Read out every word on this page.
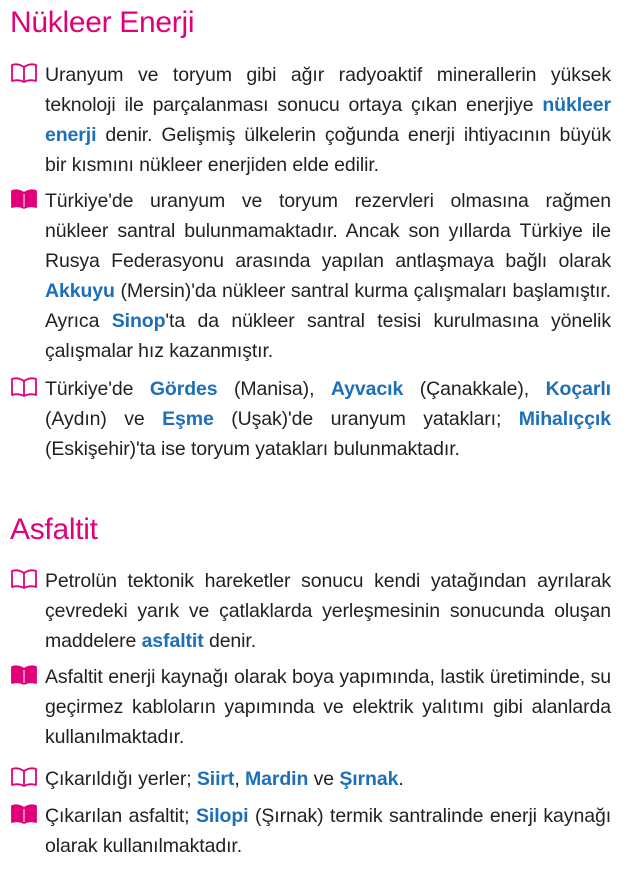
Nükleer Enerji
Uranyum ve toryum gibi ağır radyoaktif minerallerin yüksek teknoloji ile parçalanması sonucu ortaya çıkan enerjiye nükleer enerji denir. Gelişmiş ülkelerin çoğunda enerji ihtiyacının büyük bir kısmını nükleer enerjiden elde edilir.
Türkiye'de uranyum ve toryum rezervleri olmasına rağmen nükleer santral bulunmamaktadır. Ancak son yıllarda Türkiye ile Rusya Federasyonu arasında yapılan antlaşmaya bağlı olarak Akkuyu (Mersin)'da nükleer santral kurma çalışmaları başlamıştır. Ayrıca Sinop'ta da nükleer santral tesisi kurulmasına yönelik çalışmalar hız kazanmıştır.
Türkiye'de Gördes (Manisa), Ayvacık (Çanakkale), Koçarlı (Aydın) ve Eşme (Uşak)'de uranyum yatakları; Mihalıççık (Eskişehir)'ta ise toryum yatakları bulunmaktadır.
Asfaltit
Petrolün tektonik hareketler sonucu kendi yatağından ayrılarak çevredeki yarık ve çatlaklarda yerleşmesinin sonucunda oluşan maddelere asfaltit denir.
Asfaltit enerji kaynağı olarak boya yapımında, lastik üretiminde, su geçirmez kabloların yapımında ve elektrik yalıtımı gibi alanlarda kullanılmaktadır.
Çıkarıldığı yerler; Siirt, Mardin ve Şırnak.
Çıkarılan asfaltit; Silopi (Şırnak) termik santralinde enerji kaynağı olarak kullanılmaktadır.
